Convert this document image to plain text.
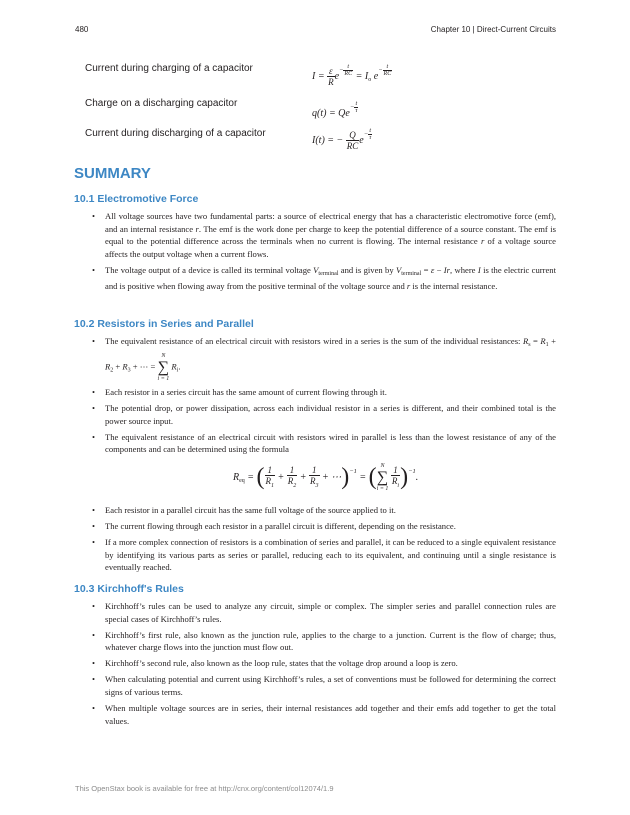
480	Chapter 10 | Direct-Current Circuits
Current during charging of a capacitor
$I = \frac{\varepsilon}{R} e^{- \frac{t}{RC}} = I_o$ $e^{- \frac{t}{RC}}$
Charge on a discharging capacitor
$q(t) = Qe^{- \frac{t}{\tau}}$
Current during discharging of a capacitor
I(t) = − $\frac{Q}{RC} e^{- \frac{t}{\tau}}$
SUMMARY
10.1 Electromotive Force
• All voltage sources have two fundamental parts: a source of electrical energy that has a characteristic electromotive force (emf), and an internal resistance r. The emf is the work done per charge to keep the potential difference of a source constant. The emf is equal to the potential difference across the terminals when no current is flowing. The internal resistance r of a voltage source affects the output voltage when a current flows.
• The voltage output of a device is called its terminal voltage $V_{terminal}$ and is given by $V_{terminal} = \varepsilon - Ir$, where I is the electric current and is positive when flowing away from the positive terminal of the voltage source and r is the internal resistance.
10.2 Resistors in Series and Parallel
• The equivalent resistance of an electrical circuit with resistors wired in a series is the sum of the individual resistances: $R_s = R_1 + R_2 + R_3$ + ⋯ =
N
∑
i = 1
$R_i$.
• Each resistor in a series circuit has the same amount of current flowing through it.
• The potential drop, or power dissipation, across each individual resistor in a series is different, and their combined total is the power source input.
• The equivalent resistance of an electrical circuit with resistors wired in parallel is less than the lowest resistance of any of the components and can be determined using the formula
• Each resistor in a parallel circuit has the same full voltage of the source applied to it.
• The current flowing through each resistor in a parallel circuit is different, depending on the resistance.
• If a more complex connection of resistors is a combination of series and parallel, it can be reduced to a single equivalent resistance by identifying its various parts as series or parallel, reducing each to its equivalent, and continuing until a single resistance is eventually reached.
$R_{eq}$ = ( $\frac{1}{R_1} + \frac{1}{R_2} + \frac{1}{R_3}$ + ⋯)$^{-1}$ = ( N
∑
i = 1
$\frac{1}{R_i} )^{-1}$.
10.3 Kirchhoff's Rules
• Kirchhoff’s rules can be used to analyze any circuit, simple or complex. The simpler series and parallel connection rules are special cases of Kirchhoff’s rules.
• Kirchhoff’s first rule, also known as the junction rule, applies to the charge to a junction. Current is the flow of charge; thus, whatever charge flows into the junction must flow out.
• Kirchhoff’s second rule, also known as the loop rule, states that the voltage drop around a loop is zero.
• When calculating potential and current using Kirchhoff’s rules, a set of conventions must be followed for determining the correct signs of various terms.
• When multiple voltage sources are in series, their internal resistances add together and their emfs add together to get the total values.
This OpenStax book is available for free at http://cnx.org/content/col12074/1.9
